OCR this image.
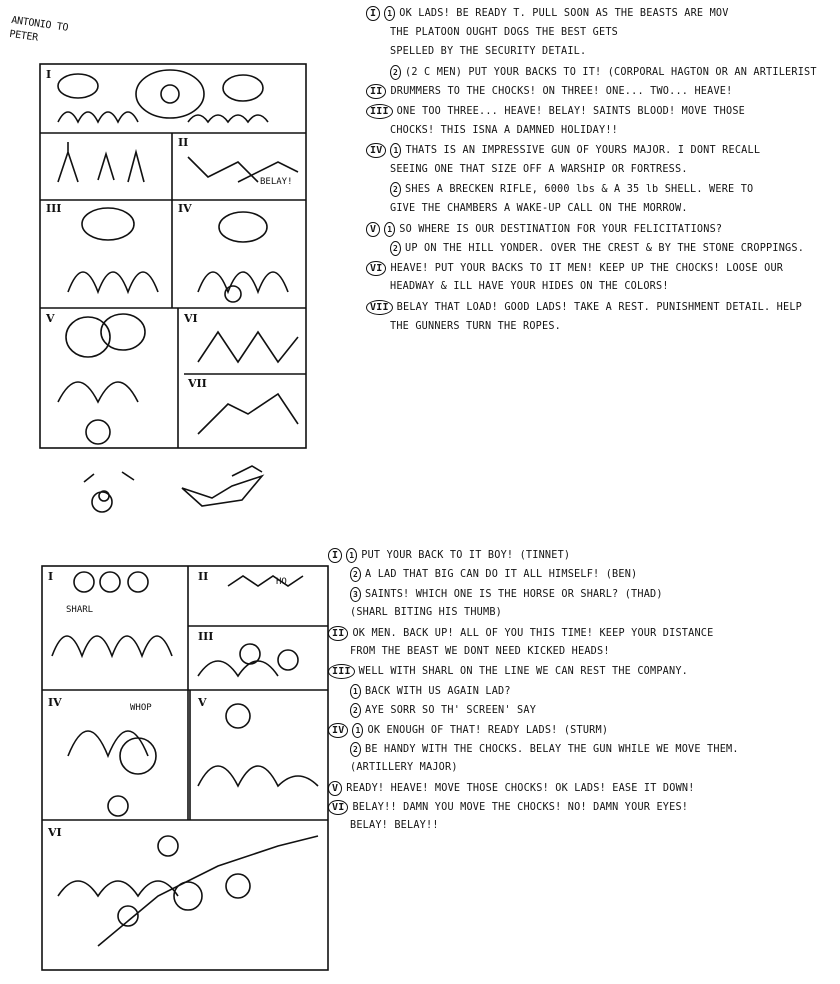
ANTONIO TO PETER
I
II
III	IV
V	VI
VII
BELAY!
I 1 OK LADS! BE READY T. PULL SOON AS THE BEASTS ARE MOV
THE PLATOON OUGHT DOGS THE BEST GETS
SPELLED BY THE SECURITY DETAIL.
2 (2 C MEN) PUT YOUR BACKS TO IT! (CORPORAL HAGTON OR AN ARTILERIST
II DRUMMERS TO THE CHOCKS! ON THREE! ONE... TWO... HEAVE!
III ONE TOO THREE... HEAVE! BELAY! SAINTS BLOOD! MOVE THOSE
CHOCKS! THIS ISNA A DAMNED HOLIDAY!!
IV 1 THATS IS AN IMPRESSIVE GUN OF YOURS MAJOR. I DONT RECALL
SEEING ONE THAT SIZE OFF A WARSHIP OR FORTRESS.
2 SHES A BRECKEN RIFLE, 6000 lbs & A 35 lb SHELL. WERE TO
GIVE THE CHAMBERS A WAKE-UP CALL ON THE MORROW.
V 1 SO WHERE IS OUR DESTINATION FOR YOUR FELICITATIONS?
2 UP ON THE HILL YONDER. OVER THE CREST & BY THE STONE CROPPINGS.
VI HEAVE! PUT YOUR BACKS TO IT MEN! KEEP UP THE CHOCKS! LOOSE OUR
HEADWAY & ILL HAVE YOUR HIDES ON THE COLORS!
VII BELAY THAT LOAD! GOOD LADS! TAKE A REST. PUNISHMENT DETAIL. HELP
THE GUNNERS TURN THE ROPES.
I	II
III
IV	V
VI
SHARL
WHOP
HO
I 1 PUT YOUR BACK TO IT BOY! (TINNET)
2 A LAD THAT BIG CAN DO IT ALL HIMSELF! (BEN)
3 SAINTS! WHICH ONE IS THE HORSE OR SHARL? (THAD)
(SHARL BITING HIS THUMB)
II OK MEN. BACK UP! ALL OF YOU THIS TIME! KEEP YOUR DISTANCE
FROM THE BEAST WE DONT NEED KICKED HEADS!
III WELL WITH SHARL ON THE LINE WE CAN REST THE COMPANY.
1 BACK WITH US AGAIN LAD?
2 AYE SORR SO TH' SCREEN' SAY
IV 1 OK ENOUGH OF THAT! READY LADS! (STURM)
2 BE HANDY WITH THE CHOCKS. BELAY THE GUN WHILE WE MOVE THEM.
(ARTILLERY MAJOR)
V READY! HEAVE! MOVE THOSE CHOCKS! OK LADS! EASE IT DOWN!
VI BELAY!! DAMN YOU MOVE THE CHOCKS! NO! DAMN YOUR EYES!
BELAY! BELAY!!
